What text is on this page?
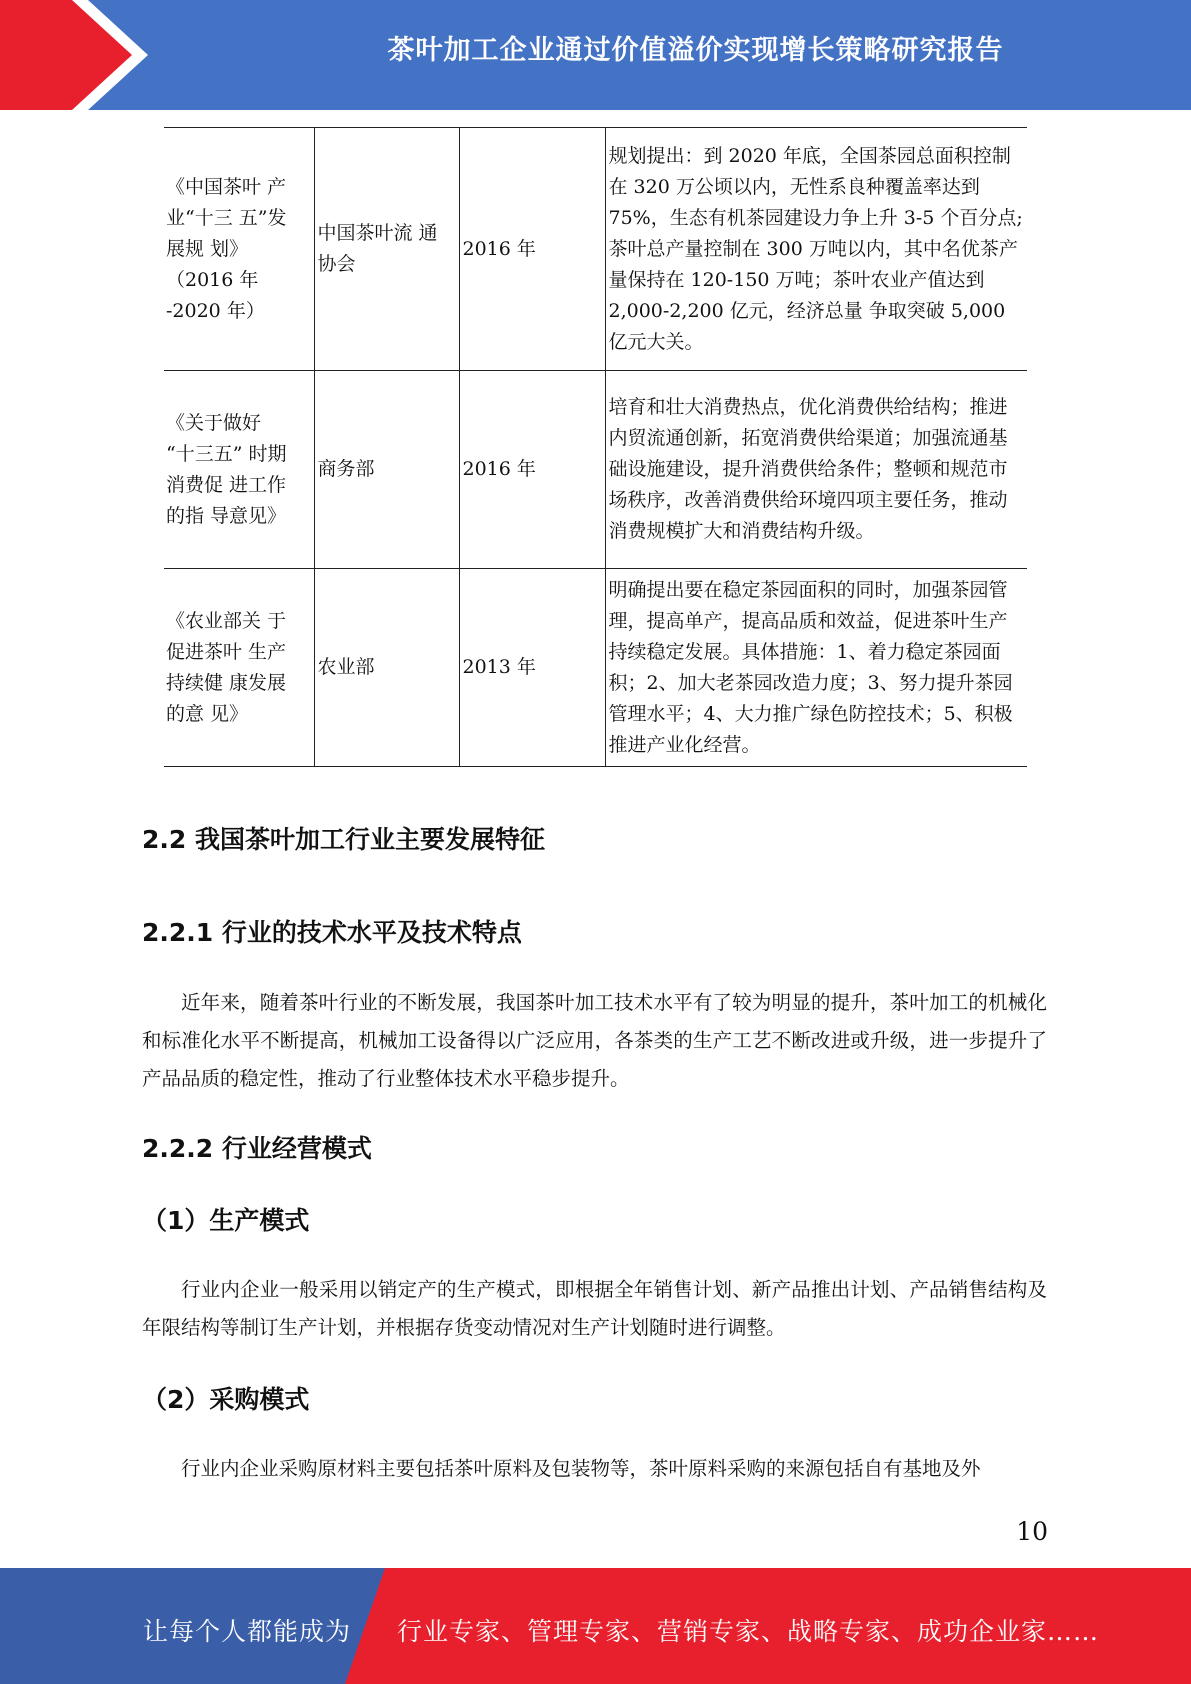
茶叶加工企业通过价值溢价实现增长策略研究报告
《中国茶叶 产
业“十三 五”发
展规 划》
（2016 年
-2020 年）	中国茶叶流 通协会	2016 年	规划提出：到 2020 年底，全国茶园总面积控制在 320 万公顷以内，无性系良种覆盖率达到 75%，生态有机茶园建设力争上升 3-5 个百分点;茶叶总产量控制在 300 万吨以内，其中名优茶产量保持在 120-150 万吨；茶叶农业产值达到 2,000-2,200 亿元，经济总量 争取突破 5,000 亿元大关。
《关于做好
“十三五” 时期
消费促 进工作
的指 导意见》	商务部	2016 年	培育和壮大消费热点，优化消费供给结构；推进内贸流通创新，拓宽消费供给渠道；加强流通基础设施建设，提升消费供给条件；整顿和规范市场秩序，改善消费供给环境四项主要任务，推动消费规模扩大和消费结构升级。
《农业部关 于
促进茶叶 生产
持续健 康发展
的意 见》	农业部	2013 年	明确提出要在稳定茶园面积的同时，加强茶园管理，提高单产，提高品质和效益，促进茶叶生产持续稳定发展。具体措施：1、着力稳定茶园面积；2、加大老茶园改造力度；3、努力提升茶园管理水平；4、大力推广绿色防控技术；5、积极推进产业化经营。
2.2 我国茶叶加工行业主要发展特征
2.2.1 行业的技术水平及技术特点
近年来，随着茶叶行业的不断发展，我国茶叶加工技术水平有了较为明显的提升，茶叶加工的机械化和标准化水平不断提高，机械加工设备得以广泛应用，各茶类的生产工艺不断改进或升级，进一步提升了产品品质的稳定性，推动了行业整体技术水平稳步提升。
2.2.2 行业经营模式
（1）生产模式
行业内企业一般采用以销定产的生产模式，即根据全年销售计划、新产品推出计划、产品销售结构及年限结构等制订生产计划，并根据存货变动情况对生产计划随时进行调整。
（2）采购模式
行业内企业采购原材料主要包括茶叶原料及包装物等，茶叶原料采购的来源包括自有基地及外
10
让每个人都能成为 行业专家、管理专家、营销专家、战略专家、成功企业家……
